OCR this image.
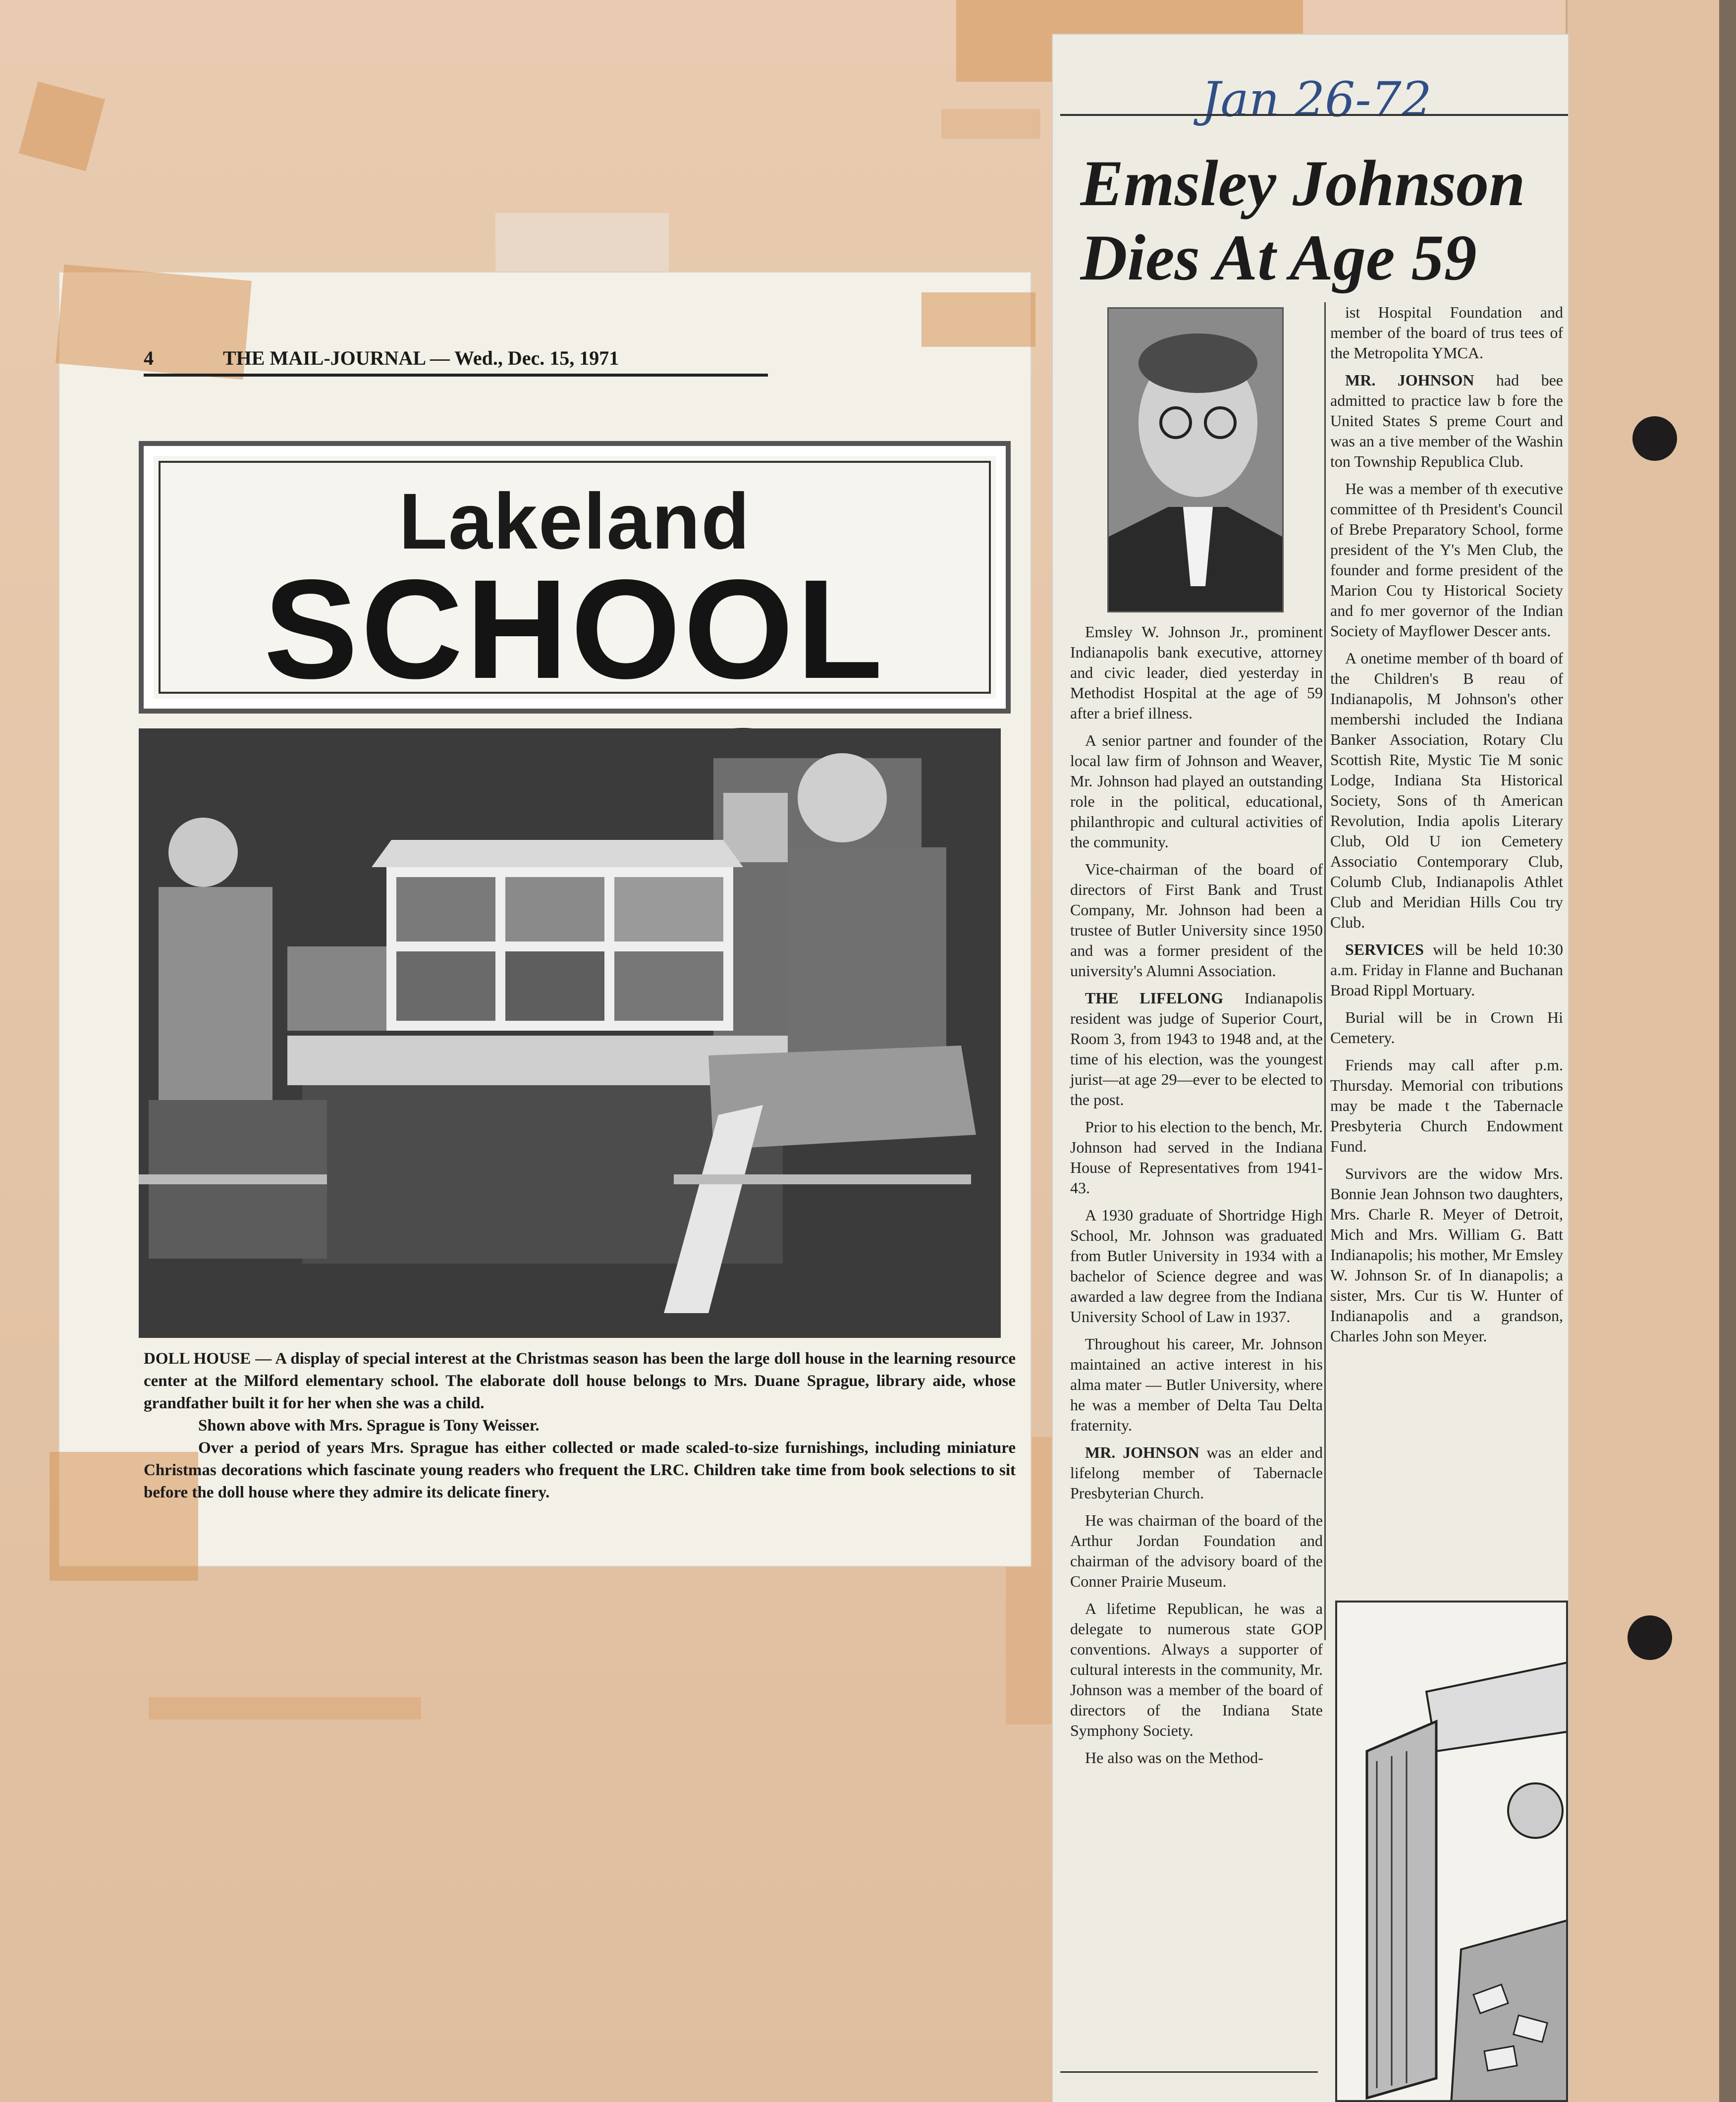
4	THE MAIL-JOURNAL — Wed., Dec. 15, 1971
Lakeland
SCHOOL

DOLL HOUSE — A display of special interest at the Christmas season has been the large doll house in the learning resource center at the Milford elementary school. The elaborate doll house belongs to Mrs. Duane Sprague, library aide, whose grandfather built it for her when she was a child.

Shown above with Mrs. Sprague is Tony Weisser.

Over a period of years Mrs. Sprague has either collected or made scaled-to-size furnishings, including miniature Christmas decorations which fascinate young readers who frequent the LRC. Children take time from book selections to sit before the doll house where they admire its delicate finery.

Jan 26-72
Emsley Johnson
Dies At Age 59

Emsley W. Johnson Jr., prominent Indianapolis bank executive, attorney and civic leader, died yesterday in Methodist Hospital at the age of 59 after a brief illness.

A senior partner and founder of the local law firm of Johnson and Weaver, Mr. Johnson had played an outstanding role in the political, educational, philanthropic and cultural activities of the community.

Vice-chairman of the board of directors of First Bank and Trust Company, Mr. Johnson had been a trustee of Butler University since 1950 and was a former president of the university's Alumni Association.

THE LIFELONG Indianapolis resident was judge of Superior Court, Room 3, from 1943 to 1948 and, at the time of his election, was the youngest jurist—at age 29—ever to be elected to the post.

Prior to his election to the bench, Mr. Johnson had served in the Indiana House of Representatives from 1941-43.

A 1930 graduate of Shortridge High School, Mr. Johnson was graduated from Butler University in 1934 with a bachelor of Science degree and was awarded a law degree from the Indiana University School of Law in 1937.

Throughout his career, Mr. Johnson maintained an active interest in his alma mater — Butler University, where he was a member of Delta Tau Delta fraternity.

MR. JOHNSON was an elder and lifelong member of Tabernacle Presbyterian Church.

He was chairman of the board of the Arthur Jordan Foundation and chairman of the advisory board of the Conner Prairie Museum.

A lifetime Republican, he was a delegate to numerous state GOP conventions. Always a supporter of cultural interests in the community, Mr. Johnson was a member of the board of directors of the Indiana State Symphony Society.

He also was on the Method-

ist Hospital Foundation and member of the board of trus tees of the Metropolita YMCA.

MR. JOHNSON had bee admitted to practice law b fore the United States S preme Court and was an a tive member of the Washin ton Township Republica Club.

He was a member of th executive committee of th President's Council of Brebe Preparatory School, forme president of the Y's Men Club, the founder and forme president of the Marion Cou ty Historical Society and fo mer governor of the Indian Society of Mayflower Descer ants.

A onetime member of th board of the Children's B reau of Indianapolis, M Johnson's other membershi included the Indiana Banker Association, Rotary Clu Scottish Rite, Mystic Tie M sonic Lodge, Indiana Sta Historical Society, Sons of th American Revolution, India apolis Literary Club, Old U ion Cemetery Associatio Contemporary Club, Columb Club, Indianapolis Athlet Club and Meridian Hills Cou try Club.

SERVICES will be held 10:30 a.m. Friday in Flanne and Buchanan Broad Rippl Mortuary.

Burial will be in Crown Hi Cemetery.

Friends may call after p.m. Thursday. Memorial con tributions may be made t the Tabernacle Presbyteria Church Endowment Fund.

Survivors are the widow Mrs. Bonnie Jean Johnson two daughters, Mrs. Charle R. Meyer of Detroit, Mich and Mrs. William G. Batt Indianapolis; his mother, Mr Emsley W. Johnson Sr. of In dianapolis; a sister, Mrs. Cur tis W. Hunter of Indianapolis and a grandson, Charles John son Meyer.
